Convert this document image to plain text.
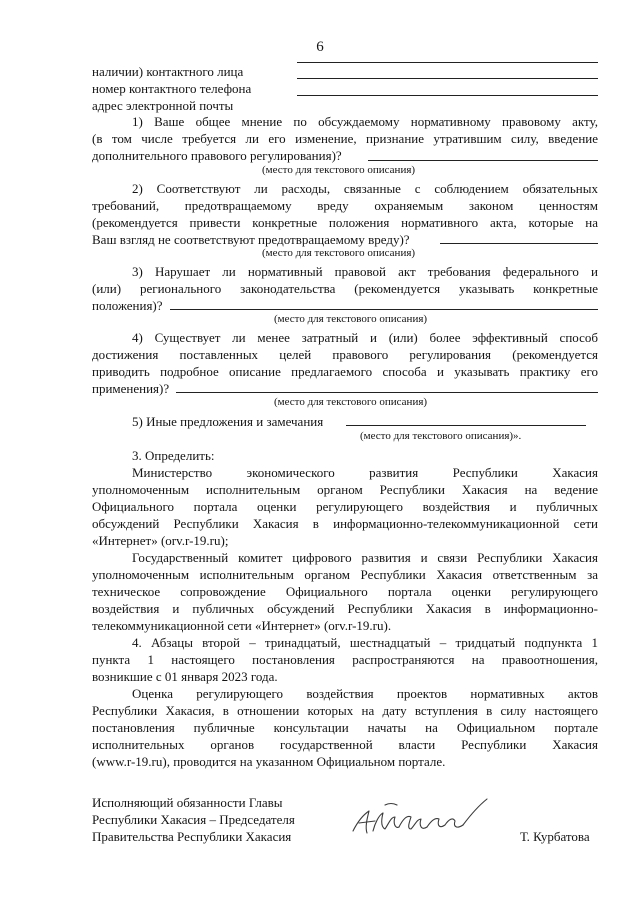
6
наличии) контактного лица
номер контактного телефона
адрес электронной почты
1) Ваше общее мнение по обсуждаемому нормативному правовому акту,
(в том числе требуется ли его изменение, признание утратившим силу, введение
дополнительного правового регулирования)?
(место для текстового описания)
2) Соответствуют ли расходы, связанные с соблюдением обязательных
требований, предотвращаемому вреду охраняемым законом ценностям
(рекомендуется привести конкретные положения нормативного акта, которые на
Ваш взгляд не соответствуют предотвращаемому вреду)?
(место для текстового описания)
3) Нарушает ли нормативный правовой акт требования федерального и
(или) регионального законодательства (рекомендуется указывать конкретные
положения)?
(место для текстового описания)
4) Существует ли менее затратный и (или) более эффективный способ
достижения поставленных целей правового регулирования (рекомендуется
приводить подробное описание предлагаемого способа и указывать практику его
применения)?
(место для текстового описания)
5) Иные предложения и замечания
(место для текстового описания)».
3. Определить:
Министерство экономического развития Республики Хакасия
уполномоченным исполнительным органом Республики Хакасия на ведение
Официального портала оценки регулирующего воздействия и публичных
обсуждений Республики Хакасия в информационно-телекоммуникационной сети
«Интернет» (orv.r-19.ru);
Государственный комитет цифрового развития и связи Республики Хакасия
уполномоченным исполнительным органом Республики Хакасия ответственным за
техническое сопровождение Официального портала оценки регулирующего
воздействия и публичных обсуждений Республики Хакасия в информационно-
телекоммуникационной сети «Интернет» (orv.r-19.ru).
4. Абзацы второй – тринадцатый, шестнадцатый – тридцатый подпункта 1
пункта 1 настоящего постановления распространяются на правоотношения,
возникшие с 01 января 2023 года.
Оценка регулирующего воздействия проектов нормативных актов
Республики Хакасия, в отношении которых на дату вступления в силу настоящего
постановления публичные консультации начаты на Официальном портале
исполнительных органов государственной власти Республики Хакасия
(www.r-19.ru), проводится на указанном Официальном портале.
Исполняющий обязанности Главы
Республики Хакасия – Председателя
Правительства Республики Хакасия	Т. Курбатова
